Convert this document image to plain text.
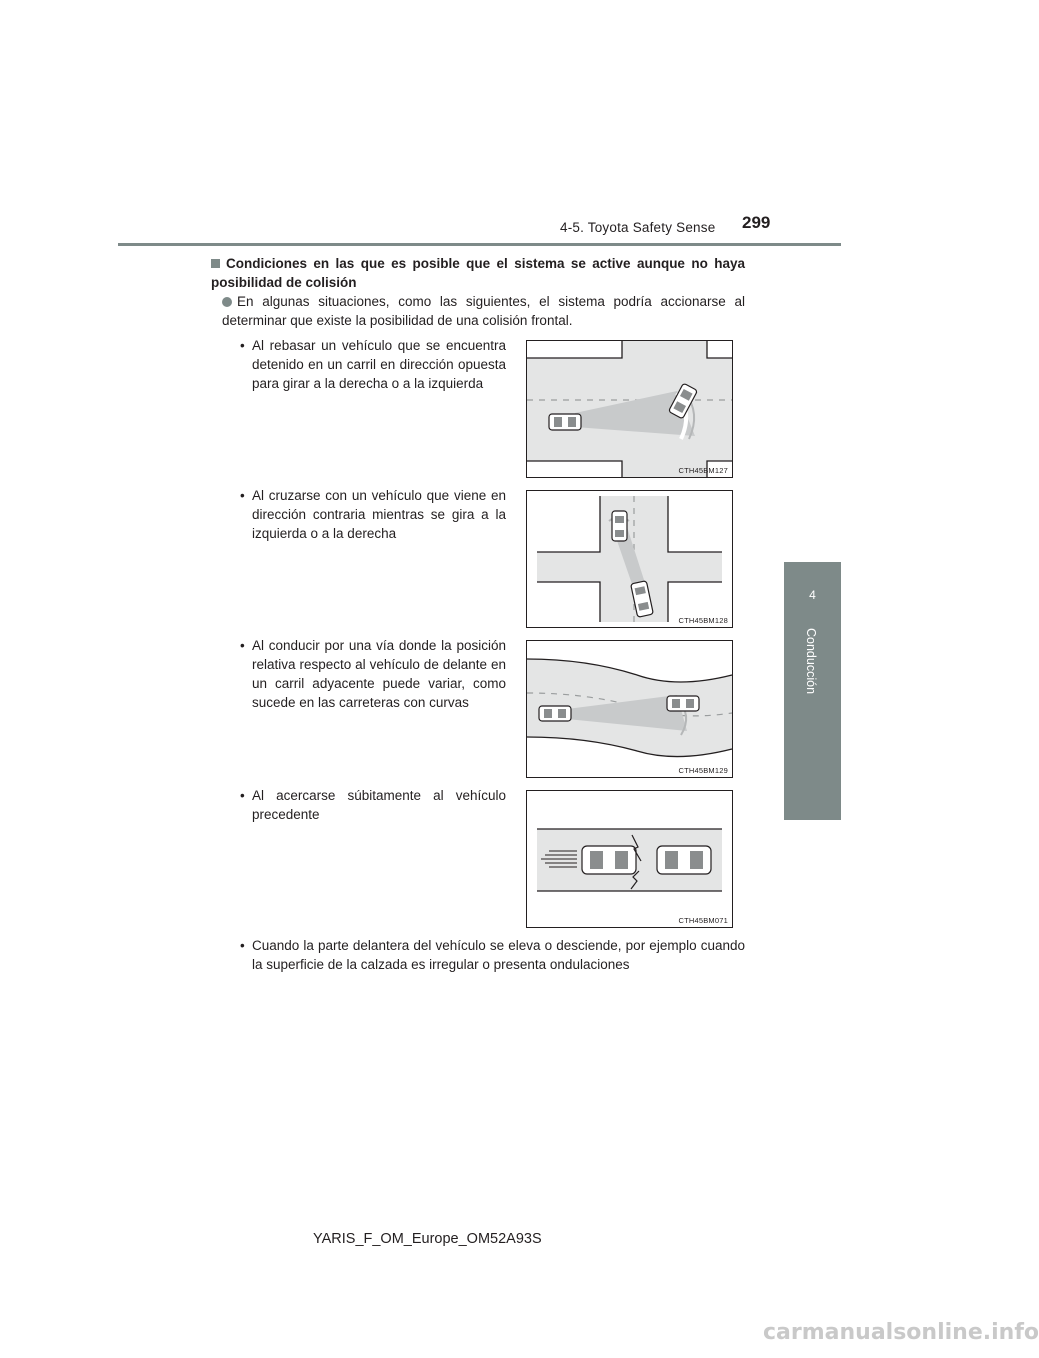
4-5. Toyota Safety Sense	299
4
Conducción
Condiciones en las que es posible que el sistema se active aunque no haya posibilidad de colisión
En algunas situaciones, como las siguientes, el sistema podría accionarse al determinar que existe la posibilidad de una colisión frontal.
• Al rebasar un vehículo que se encuentra detenido en un carril en dirección opuesta para girar a la derecha o a la izquierda
CTH45BM127
• Al cruzarse con un vehículo que viene en dirección contraria mientras se gira a la izquierda o a la derecha
CTH45BM128
• Al conducir por una vía donde la posición relativa respecto al vehículo de delante en un carril adyacente puede variar, como sucede en las carreteras con curvas
CTH45BM129
• Al acercarse súbitamente al vehículo precedente
CTH45BM071
• Cuando la parte delantera del vehículo se eleva o desciende, por ejemplo cuando la superficie de la calzada es irregular o presenta ondulaciones
YARIS_F_OM_Europe_OM52A93S
carmanualsonline.info
